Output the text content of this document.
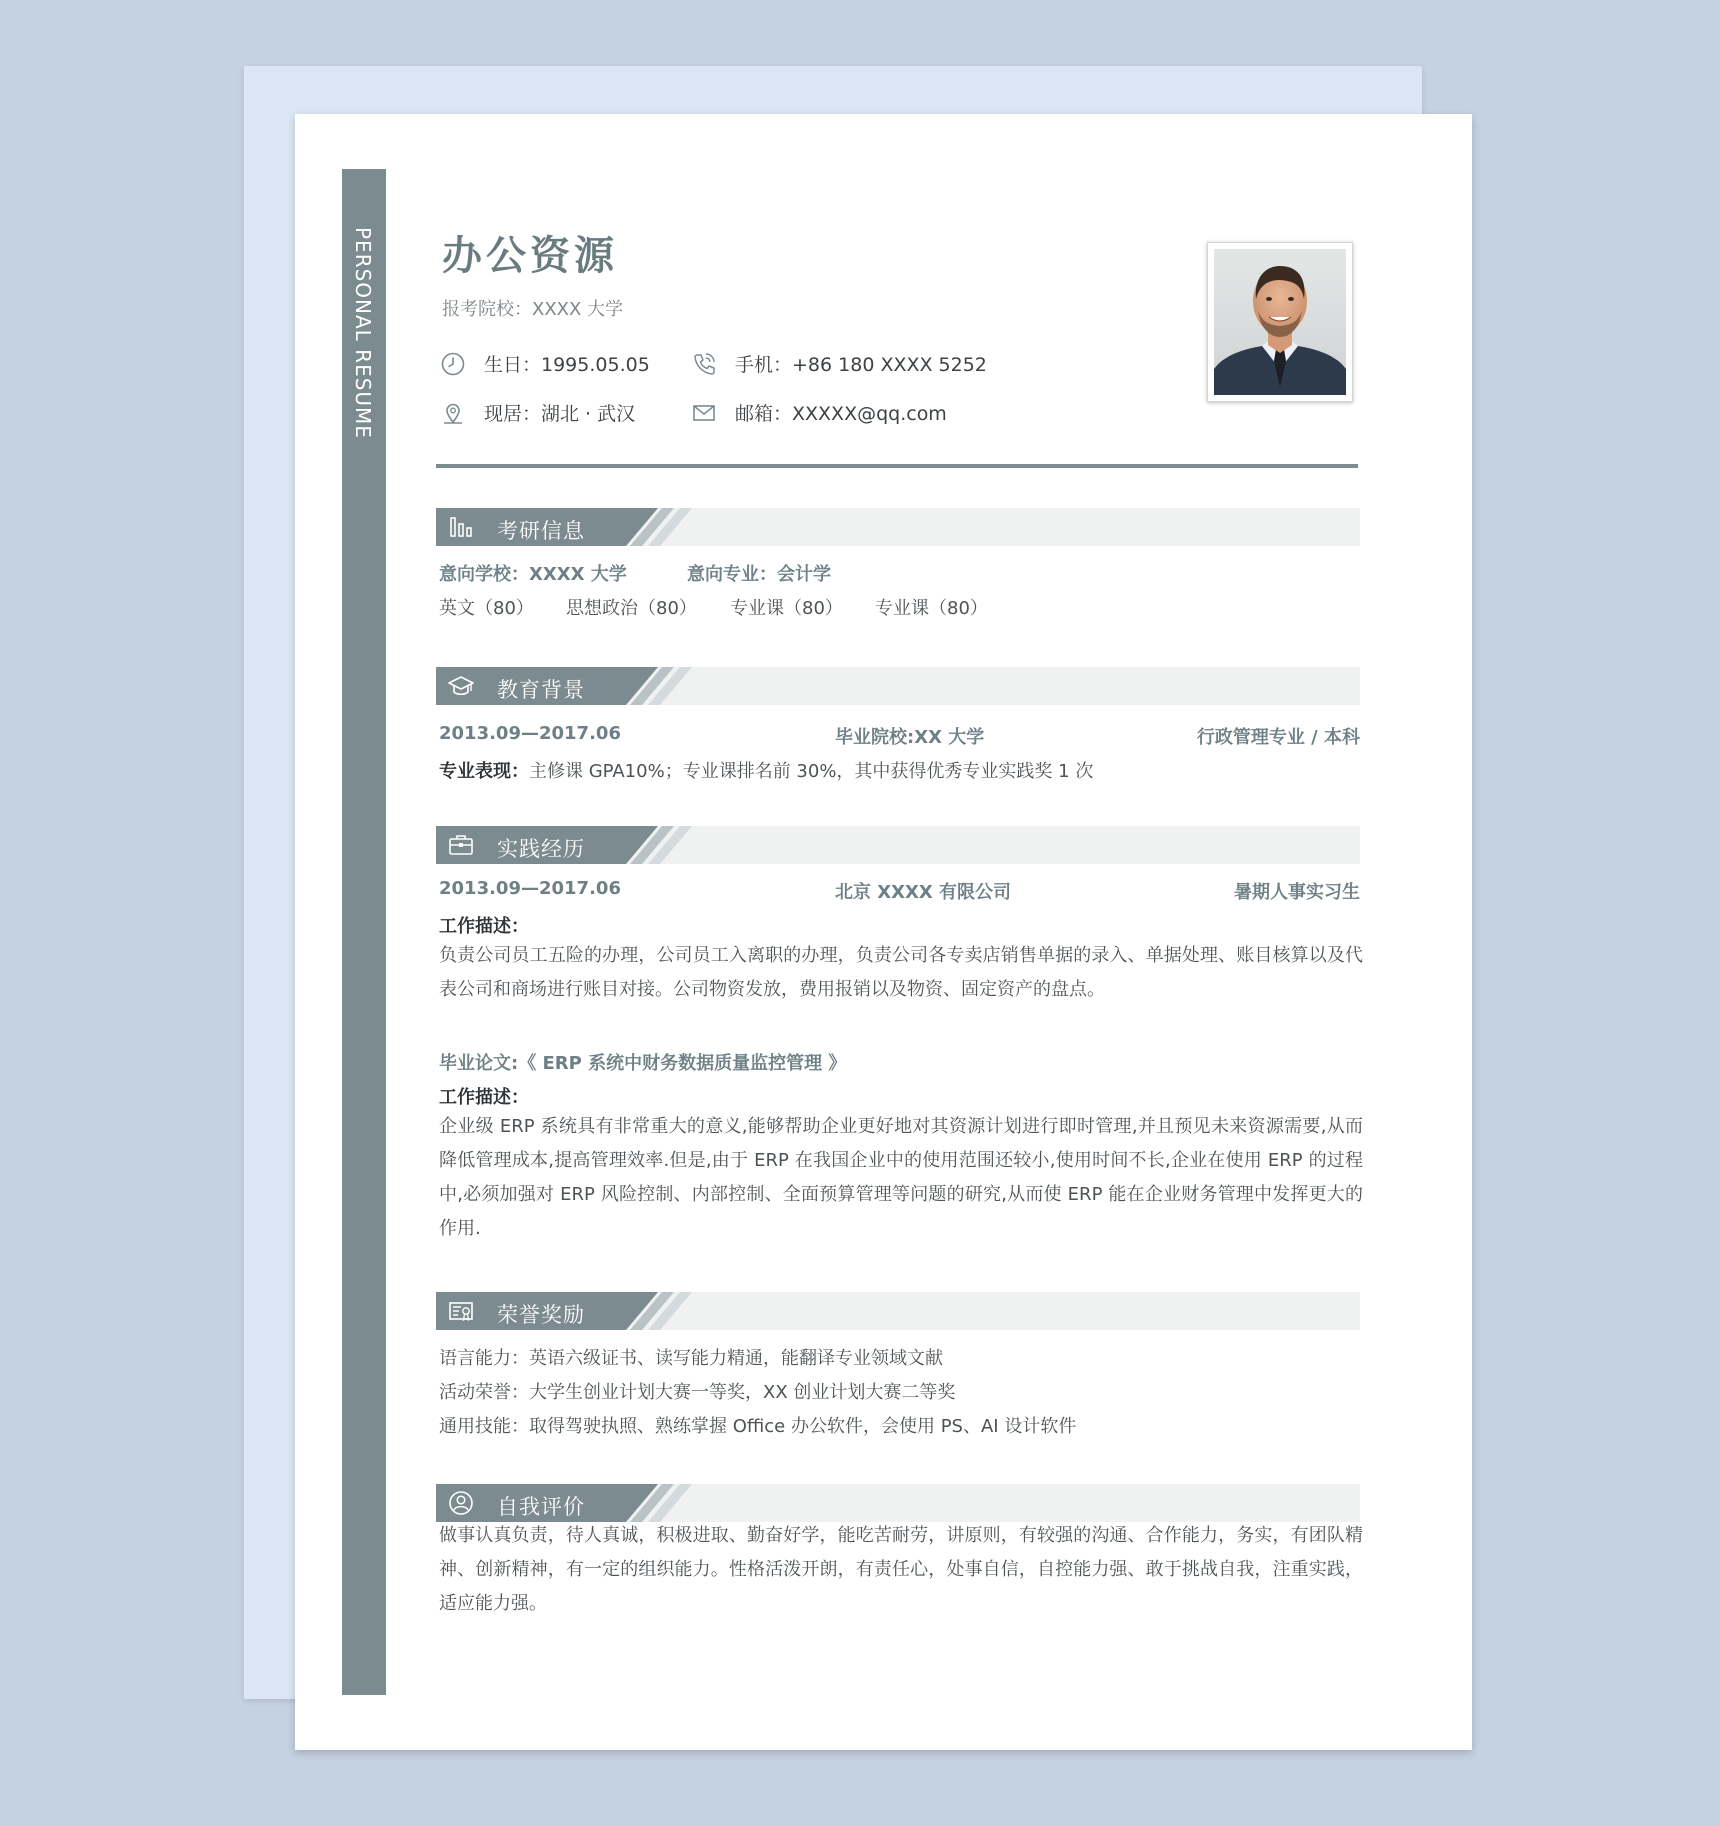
PERSONAL RESUME 办公资源
报考院校：XXXX 大学
生日：1995.05.05	手机：+86 180 XXXX 5252
现居：湖北 · 武汉	邮箱：XXXXX@qq.com
考研信息
意向学校：XXXX 大学	意向专业：会计学
英文（80） 思想政治（80） 专业课（80） 专业课（80）
教育背景
2013.09—2017.06	毕业院校:XX 大学	行政管理专业 / 本科
专业表现：主修课 GPA10%；专业课排名前 30%，其中获得优秀专业实践奖 1 次
实践经历
2013.09—2017.06	北京 XXXX 有限公司	暑期人事实习生
工作描述：
负责公司员工五险的办理，公司员工入离职的办理，负责公司各专卖店销售单据的录入、单据处理、账目核算以及代表公司和商场进行账目对接。公司物资发放，费用报销以及物资、固定资产的盘点。
毕业论文:《 ERP 系统中财务数据质量监控管理 》
工作描述：
企业级 ERP 系统具有非常重大的意义,能够帮助企业更好地对其资源计划进行即时管理,并且预见未来资源需要,从而降低管理成本,提高管理效率.但是,由于 ERP 在我国企业中的使用范围还较小,使用时间不长,企业在使用 ERP 的过程中,必须加强对 ERP 风险控制、内部控制、全面预算管理等问题的研究,从而使 ERP 能在企业财务管理中发挥更大的作用.
荣誉奖励
语言能力：英语六级证书、读写能力精通，能翻译专业领域文献
活动荣誉：大学生创业计划大赛一等奖，XX 创业计划大赛二等奖
通用技能：取得驾驶执照、熟练掌握 Office 办公软件，会使用 PS、AI 设计软件
自我评价
做事认真负责，待人真诚，积极进取、勤奋好学，能吃苦耐劳，讲原则，有较强的沟通、合作能力，务实，有团队精神、创新精神，有一定的组织能力。性格活泼开朗，有责任心，处事自信，自控能力强、敢于挑战自我，注重实践，适应能力强。
